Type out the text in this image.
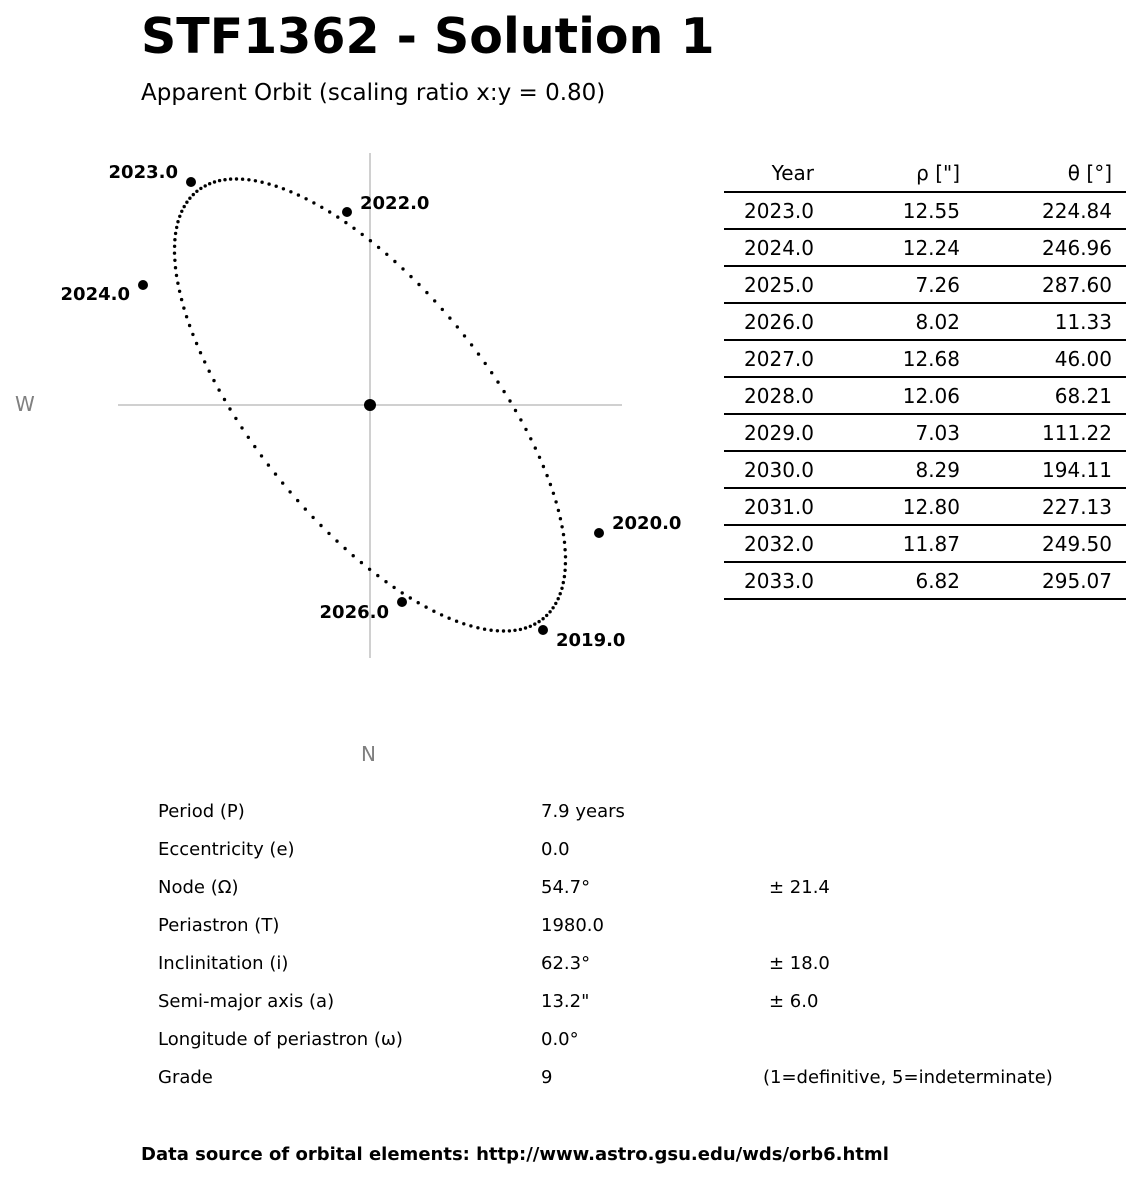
STF1362 - Solution 1
Apparent Orbit (scaling ratio x:y = 0.80)
2019.0
2020.0
2022.0
2023.0
2024.0
2026.0
W
N
Year	ρ ["]	θ [°]
2023.0	12.55	224.84
2024.0	12.24	246.96
2025.0	7.26	287.60
2026.0	8.02	11.33
2027.0	12.68	46.00
2028.0	12.06	68.21
2029.0	7.03	111.22
2030.0	8.29	194.11
2031.0	12.80	227.13
2032.0	11.87	249.50
2033.0	6.82	295.07
Period (P)	7.9 years
Eccentricity (e)	0.0
Node (Ω)	54.7°	± 21.4
Periastron (T)	1980.0
Inclinitation (i)	62.3°	± 18.0
Semi-major axis (a)	13.2"	± 6.0
Longitude of periastron (ω)	0.0°
Grade	9	(1=definitive, 5=indeterminate)
Data source of orbital elements: http://www.astro.gsu.edu/wds/orb6.html
